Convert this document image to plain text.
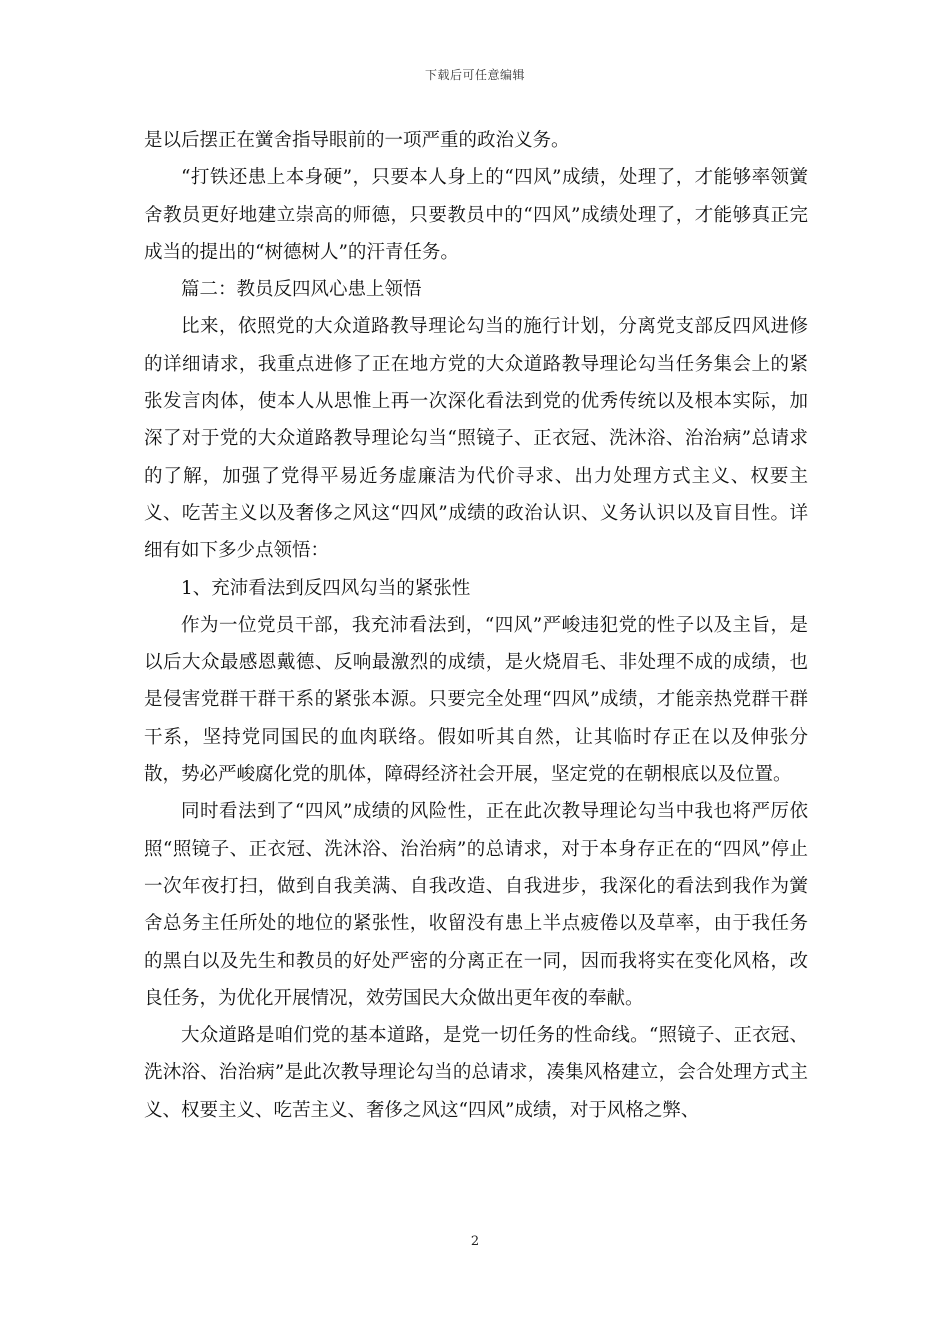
下载后可任意编辑

是以后摆正在黉舍指导眼前的一项严重的政治义务。

“打铁还患上本身硬”，只要本人身上的“四风”成绩，处理了，才能够率领黉舍教员更好地建立崇高的师德，只要教员中的“四风”成绩处理了，才能够真正完成当的提出的“树德树人”的汗青任务。

篇二：教员反四风心患上领悟

比来，依照党的大众道路教导理论勾当的施行计划，分离党支部反四风进修的详细请求，我重点进修了正在地方党的大众道路教导理论勾当任务集会上的紧张发言肉体，使本人从思惟上再一次深化看法到党的优秀传统以及根本实际，加深了对于党的大众道路教导理论勾当“照镜子、正衣冠、洗沐浴、治治病”总请求的了解，加强了党得平易近务虚廉洁为代价寻求、出力处理方式主义、权要主义、吃苦主义以及奢侈之风这“四风”成绩的政治认识、义务认识以及盲目性。详细有如下多少点领悟：

1、充沛看法到反四风勾当的紧张性

作为一位党员干部，我充沛看法到，“四风”严峻违犯党的性子以及主旨，是以后大众最感恩戴德、反响最激烈的成绩，是火烧眉毛、非处理不成的成绩，也是侵害党群干群干系的紧张本源。只要完全处理“四风”成绩，才能亲热党群干群干系，坚持党同国民的血肉联络。假如听其自然，让其临时存正在以及伸张分散，势必严峻腐化党的肌体，障碍经济社会开展，坚定党的在朝根底以及位置。

同时看法到了“四风”成绩的风险性，正在此次教导理论勾当中我也将严厉依照“照镜子、正衣冠、洗沐浴、治治病”的总请求，对于本身存正在的“四风”停止一次年夜打扫，做到自我美满、自我改造、自我进步，我深化的看法到我作为黉舍总务主任所处的地位的紧张性，收留没有患上半点疲倦以及草率，由于我任务的黑白以及先生和教员的好处严密的分离正在一同，因而我将实在变化风格，改良任务，为优化开展情况，效劳国民大众做出更年夜的奉献。

大众道路是咱们党的基本道路，是党一切任务的性命线。“照镜子、正衣冠、洗沐浴、治治病”是此次教导理论勾当的总请求，凑集风格建立，会合处理方式主义、权要主义、吃苦主义、奢侈之风这“四风”成绩，对于风格之弊、

2
